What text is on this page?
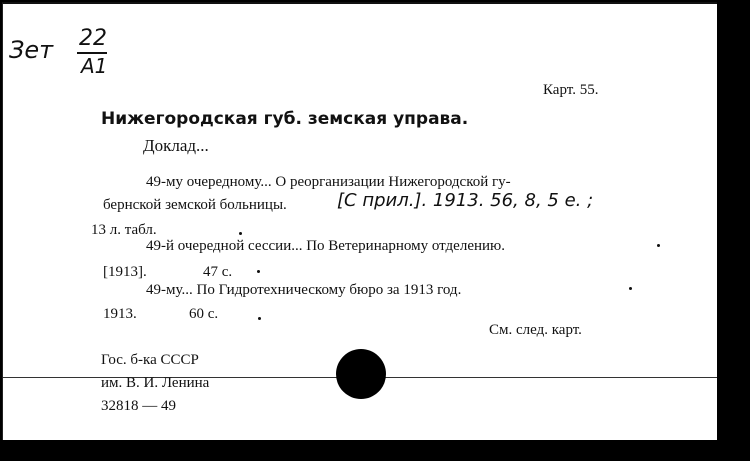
Зет 22
А1
Карт. 55.
Нижегородская губ. земская управа.
Доклад...
49-му очередному... О реорганизации Нижегородской гу-
бернской земской больницы.	[С прил.]. 1913. 56, 8, 5 e. ;
13 л. табл.
49-й очередной сессии... По Ветеринарному отделению.
[1913].	47 с.
49-му... По Гидротехническому бюро за 1913 год.
1913.	60 с.
См. след. карт.
Гос. б-ка СССР
им. В. И. Ленина
32818 — 49
